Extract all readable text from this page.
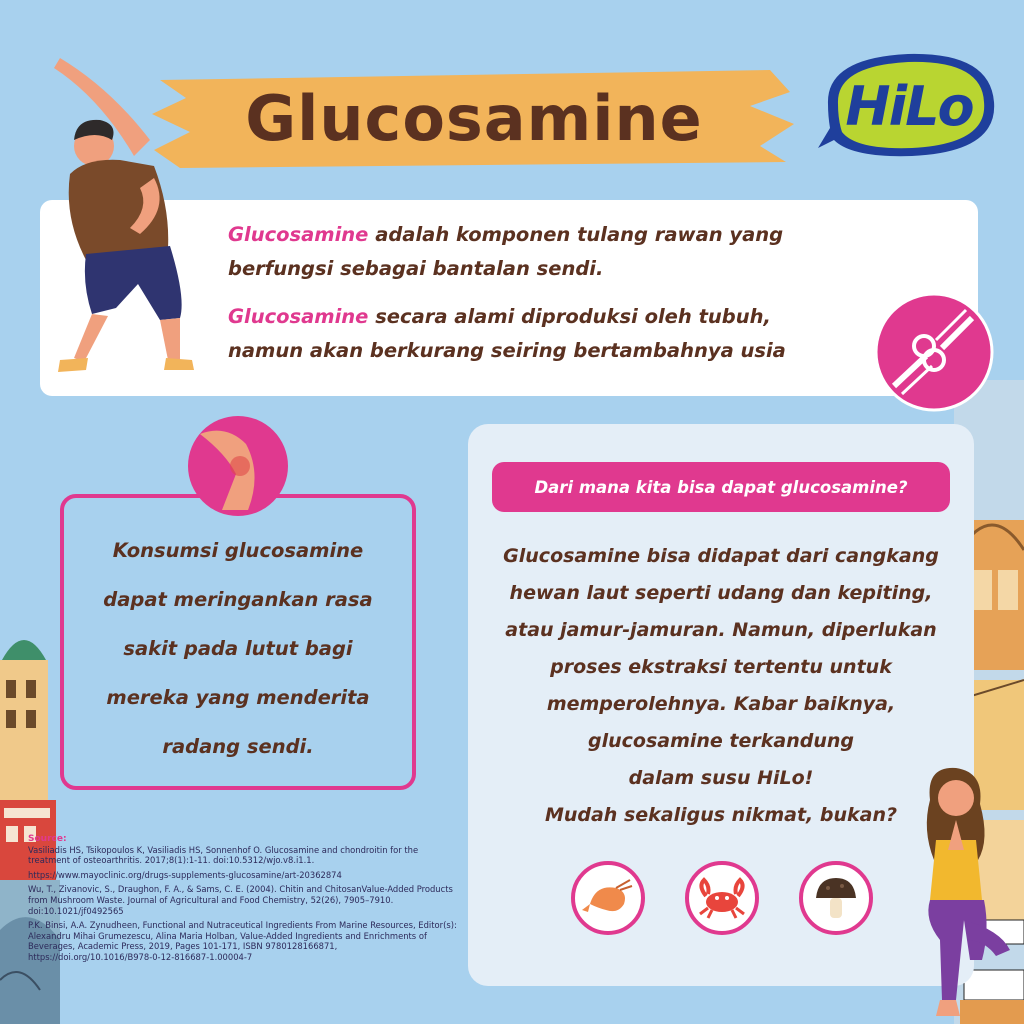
Glucosamine	HiLo

Glucosamine adalah komponen tulang rawan yang berfungsi sebagai bantalan sendi.

Glucosamine secara alami diproduksi oleh tubuh, namun akan berkurang seiring bertambahnya usia

Konsumsi glucosamine
dapat meringankan rasa
sakit pada lutut bagi
mereka yang menderita
radang sendi.
Source:
Vasiliadis HS, Tsikopoulos K, Vasiliadis HS, Sonnenhof O. Glucosamine and chondroitin for the treatment of osteoarthritis. 2017;8(1):1-11. doi:10.5312/wjo.v8.i1.1.
https://www.mayoclinic.org/drugs-supplements-glucosamine/art-20362874
Wu, T., Zivanovic, S., Draughon, F. A., & Sams, C. E. (2004). Chitin and ChitosanValue-Added Products from Mushroom Waste. Journal of Agricultural and Food Chemistry, 52(26), 7905–7910. doi:10.1021/jf0492565
P.K. Binsi, A.A. Zynudheen, Functional and Nutraceutical Ingredients From Marine Resources, Editor(s): Alexandru Mihai Grumezescu, Alina Maria Holban, Value-Added Ingredients and Enrichments of Beverages, Academic Press, 2019, Pages 101-171, ISBN 9780128166871, https://doi.org/10.1016/B978-0-12-816687-1.00004-7
Dari mana kita bisa dapat glucosamine?
Glucosamine bisa didapat dari cangkang
hewan laut seperti udang dan kepiting,
atau jamur-jamuran. Namun, diperlukan
proses ekstraksi tertentu untuk
memperolehnya. Kabar baiknya,
glucosamine terkandung
dalam susu HiLo!
Mudah sekaligus nikmat, bukan?
